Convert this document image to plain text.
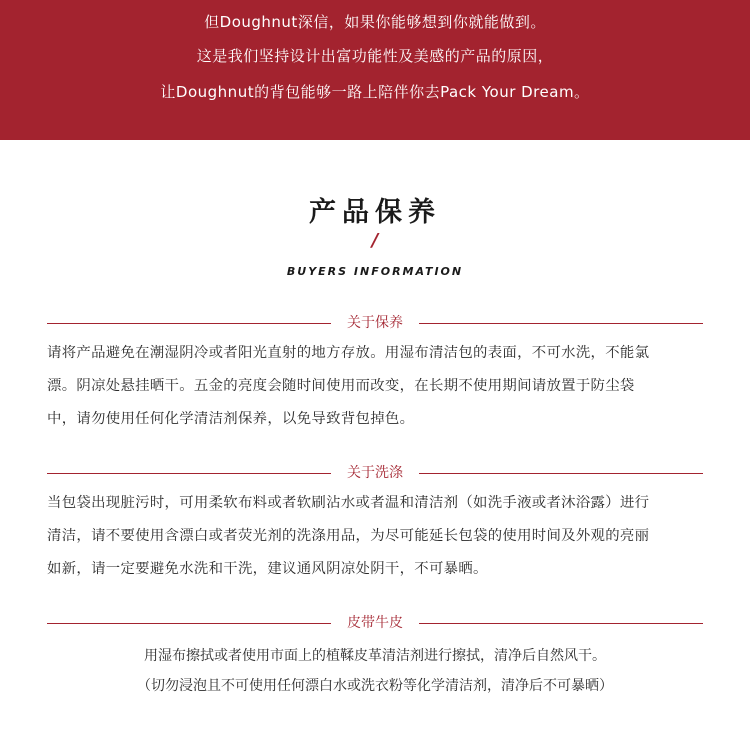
但Doughnut深信，如果你能够想到你就能做到。
这是我们坚持设计出富功能性及美感的产品的原因，
让Doughnut的背包能够一路上陪伴你去Pack Your Dream。
产品保养
/
BUYERS INFORMATION
关于保养
请将产品避免在潮湿阴冷或者阳光直射的地方存放。用湿布清洁包的表面，不可水洗，不能氯
漂。阴凉处悬挂晒干。五金的亮度会随时间使用而改变，在长期不使用期间请放置于防尘袋
中，请勿使用任何化学清洁剂保养，以免导致背包掉色。
关于洗涤
当包袋出现脏污时，可用柔软布料或者软刷沾水或者温和清洁剂（如洗手液或者沐浴露）进行
清洁，请不要使用含漂白或者荧光剂的洗涤用品，为尽可能延长包袋的使用时间及外观的亮丽
如新，请一定要避免水洗和干洗，建议通风阴凉处阴干，不可暴晒。
皮带牛皮
用湿布擦拭或者使用市面上的植鞣皮革清洁剂进行擦拭，清净后自然风干。
（切勿浸泡且不可使用任何漂白水或洗衣粉等化学清洁剂，清净后不可暴晒）
